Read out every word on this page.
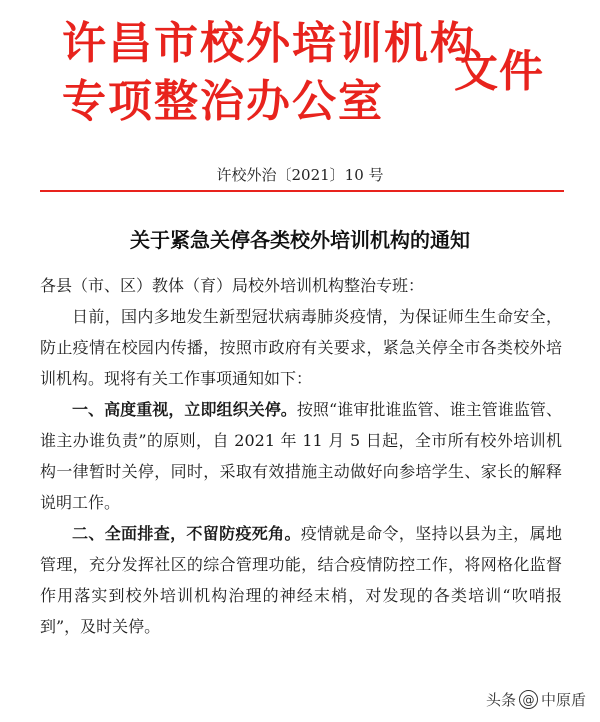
许昌市校外培训机构
专项整治办公室
文件
许校外治〔2021〕10 号
关于紧急关停各类校外培训机构的通知

各县（市、区）教体（育）局校外培训机构整治专班：

日前，国内多地发生新型冠状病毒肺炎疫情，为保证师生生命安全，防止疫情在校园内传播，按照市政府有关要求，紧急关停全市各类校外培训机构。现将有关工作事项通知如下：

一、高度重视，立即组织关停。按照“谁审批谁监管、谁主管谁监管、谁主办谁负责”的原则，自 2021 年 11 月 5 日起，全市所有校外培训机构一律暂时关停，同时，采取有效措施主动做好向参培学生、家长的解释说明工作。

二、全面排查，不留防疫死角。疫情就是命令，坚持以县为主，属地管理，充分发挥社区的综合管理功能，结合疫情防控工作，将网格化监督作用落实到校外培训机构治理的神经末梢，对发现的各类培训“吹哨报到”，及时关停。

头条 @ 中原盾
